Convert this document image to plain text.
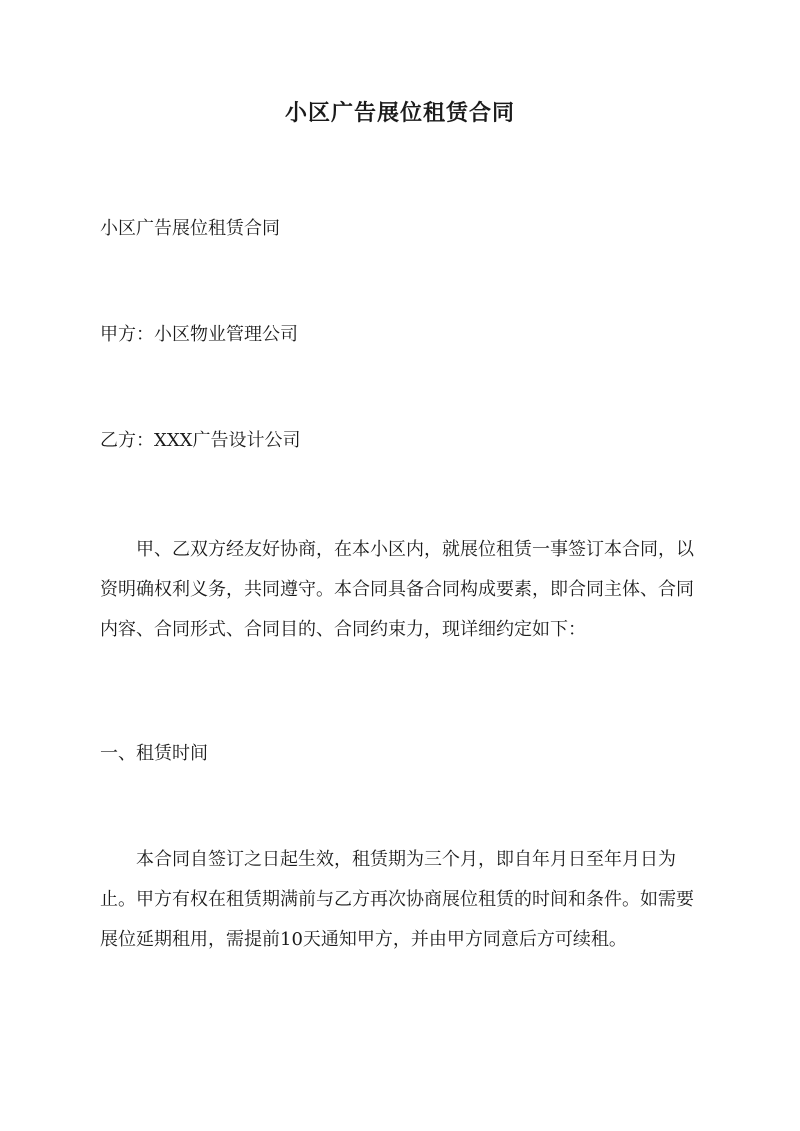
小区广告展位租赁合同

小区广告展位租赁合同

甲方：小区物业管理公司

乙方：XXX广告设计公司

甲、乙双方经友好协商，在本小区内，就展位租赁一事签订本合同，以资明确权利义务，共同遵守。本合同具备合同构成要素，即合同主体、合同内容、合同形式、合同目的、合同约束力，现详细约定如下：

一、租赁时间

本合同自签订之日起生效，租赁期为三个月，即自年月日至年月日为止。甲方有权在租赁期满前与乙方再次协商展位租赁的时间和条件。如需要展位延期租用，需提前10天通知甲方，并由甲方同意后方可续租。
